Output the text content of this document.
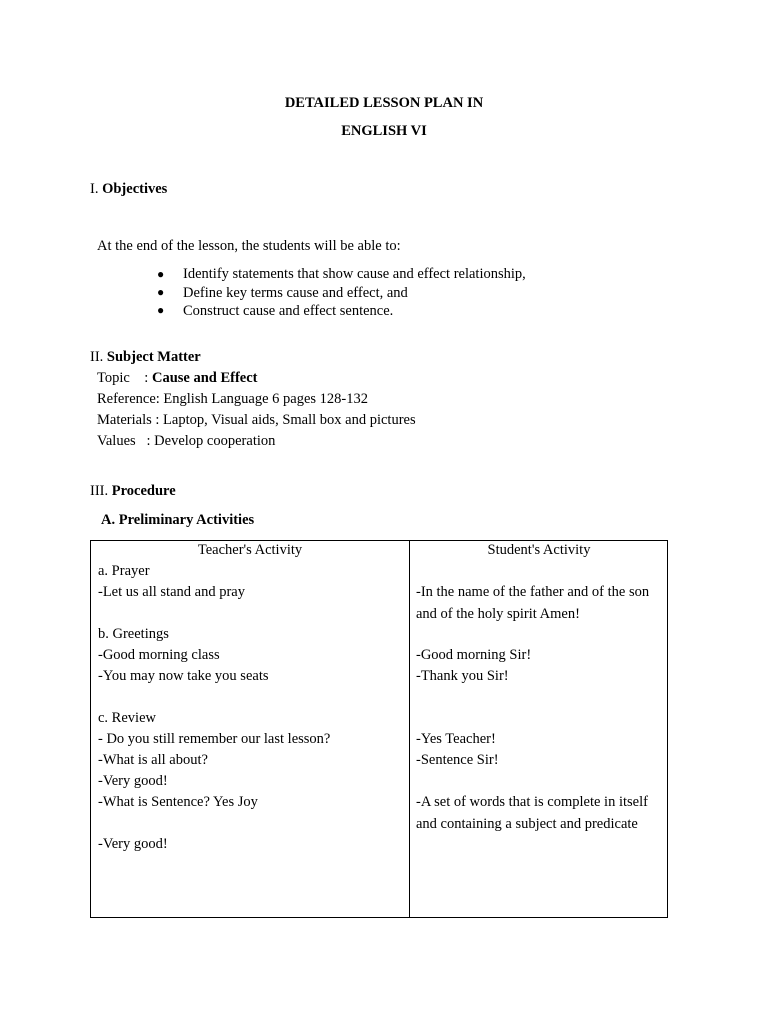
DETAILED LESSON PLAN IN
ENGLISH VI
I. Objectives
At the end of the lesson, the students will be able to:
● Identify statements that show cause and effect relationship,
● Define key terms cause and effect, and
● Construct cause and effect sentence.
II. Subject Matter
Topic    : Cause and Effect
Reference: English Language 6 pages 128-132
Materials : Laptop, Visual aids, Small box and pictures
Values   : Develop cooperation
III. Procedure
A. Preliminary Activities
Teacher's Activity	Student's Activity
a. Prayer
-Let us all stand and pray
b. Greetings
-Good morning class
-You may now take you seats
c. Review
- Do you still remember our last lesson?
-What is all about?
-Very good!
-What is Sentence? Yes Joy
-Very good!
-In the name of the father and of the son
and of the holy spirit Amen!
-Good morning Sir!
-Thank you Sir!
-Yes Teacher!
-Sentence Sir!
-A set of words that is complete in itself
and containing a subject and predicate
